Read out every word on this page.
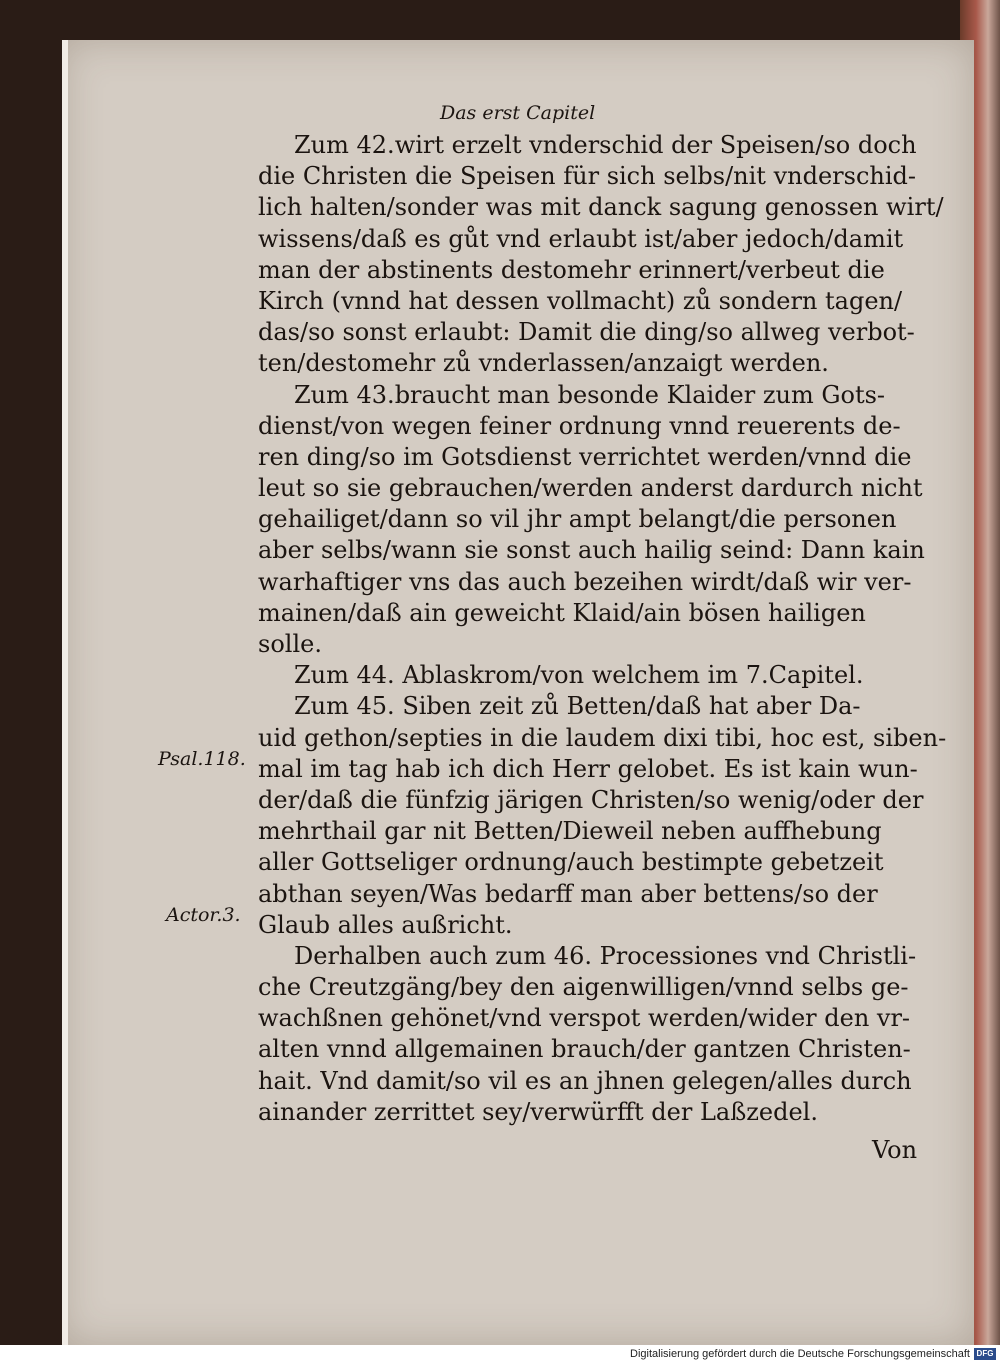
Das erst Capitel
Zum 42.wirt erzelt vnderschid der Speisen/so doch
die Christen die Speisen für sich selbs/nit vnderschid-
lich halten/sonder was mit danck sagung genossen wirt/
wissens/daß es gůt vnd erlaubt ist/aber jedoch/damit
man der abstinents destomehr erinnert/verbeut die
Kirch (vnnd hat dessen vollmacht) zů sondern tagen/
das/so sonst erlaubt: Damit die ding/so allweg verbot-
ten/destomehr zů vnderlassen/anzaigt werden.
Zum 43.braucht man besonde Klaider zum Gots-
dienst/von wegen feiner ordnung vnnd reuerents de-
ren ding/so im Gotsdienst verrichtet werden/vnnd die
leut so sie gebrauchen/werden anderst dardurch nicht
gehailiget/dann so vil jhr ampt belangt/die personen
aber selbs/wann sie sonst auch hailig seind: Dann kain
warhaftiger vns das auch bezeihen wirdt/daß wir ver-
mainen/daß ain geweicht Klaid/ain bösen hailigen
solle.
Zum 44. Ablaskrom/von welchem im 7.Capitel.
Zum 45. Siben zeit zů Betten/daß hat aber Da-
uid gethon/septies in die laudem dixi tibi, hoc est, siben-
mal im tag hab ich dich Herr gelobet. Es ist kain wun-
der/daß die fünfzig järigen Christen/so wenig/oder der
mehrthail gar nit Betten/Dieweil neben auffhebung
aller Gottseliger ordnung/auch bestimpte gebetzeit
abthan seyen/Was bedarff man aber bettens/so der
Glaub alles außricht.
Derhalben auch zum 46. Processiones vnd Christli-
che Creutzgäng/bey den aigenwilligen/vnnd selbs ge-
wachßnen gehönet/vnd verspot werden/wider den vr-
alten vnnd allgemainen brauch/der gantzen Christen-
hait. Vnd damit/so vil es an jhnen gelegen/alles durch
ainander zerrittet sey/verwürfft der Laßzedel.
Psal.118.
Actor.3.
Von
Digitalisierung gefördert durch die Deutsche Forschungsgemeinschaft DFG
